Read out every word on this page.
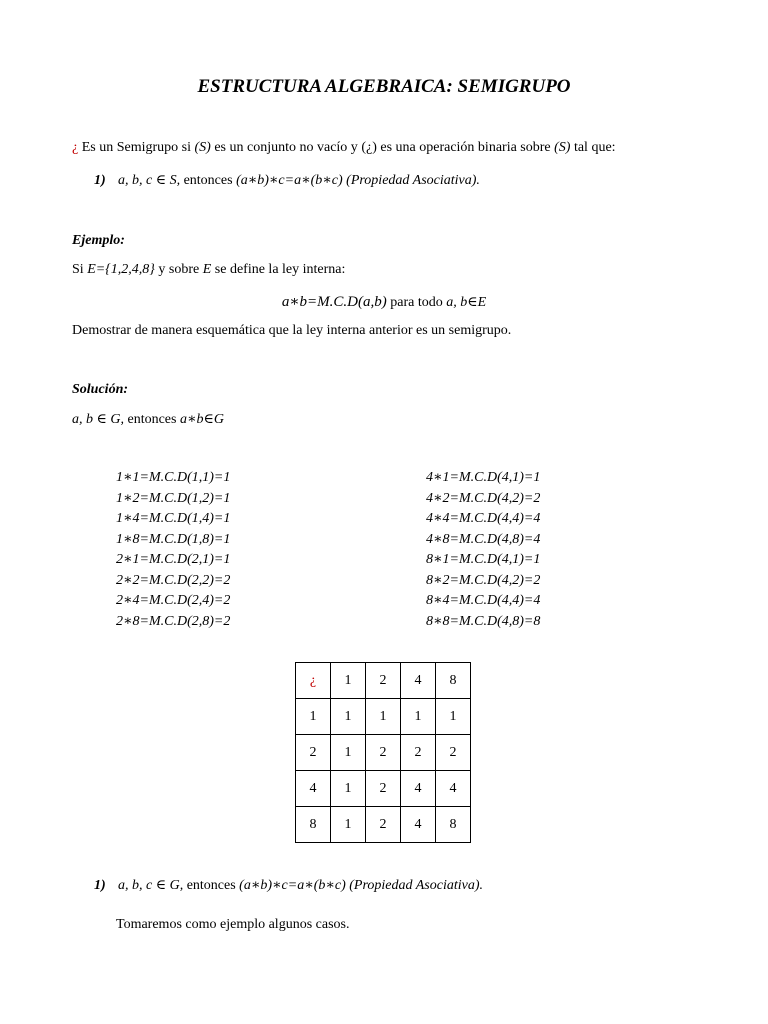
ESTRUCTURA ALGEBRAICA: SEMIGRUPO
¿ Es un Semigrupo si (S) es un conjunto no vacío y (¿) es una operación binaria sobre (S) tal que:
1) a, b, c ∈ S, entonces (a∗b)∗c=a∗(b∗c) (Propiedad Asociativa).
Ejemplo:
Si E={1,2,4,8} y sobre E se define la ley interna:
a∗b=M.C.D(a,b) para todo a, b∈E
Demostrar de manera esquemática que la ley interna anterior es un semigrupo.
Solución:
a, b ∈ G, entonces a∗b∈G
1∗1=M.C.D(1,1)=1
1∗2=M.C.D(1,2)=1
1∗4=M.C.D(1,4)=1
1∗8=M.C.D(1,8)=1
2∗1=M.C.D(2,1)=1
2∗2=M.C.D(2,2)=2
2∗4=M.C.D(2,4)=2
2∗8=M.C.D(2,8)=2
4∗1=M.C.D(4,1)=1
4∗2=M.C.D(4,2)=2
4∗4=M.C.D(4,4)=4
4∗8=M.C.D(4,8)=4
8∗1=M.C.D(4,1)=1
8∗2=M.C.D(4,2)=2
8∗4=M.C.D(4,4)=4
8∗8=M.C.D(4,8)=8
¿	1	2	4	8
1	1	1	1	1
2	1	2	2	2
4	1	2	4	4
8	1	2	4	8
1) a, b, c ∈ G, entonces (a∗b)∗c=a∗(b∗c) (Propiedad Asociativa).
Tomaremos como ejemplo algunos casos.
